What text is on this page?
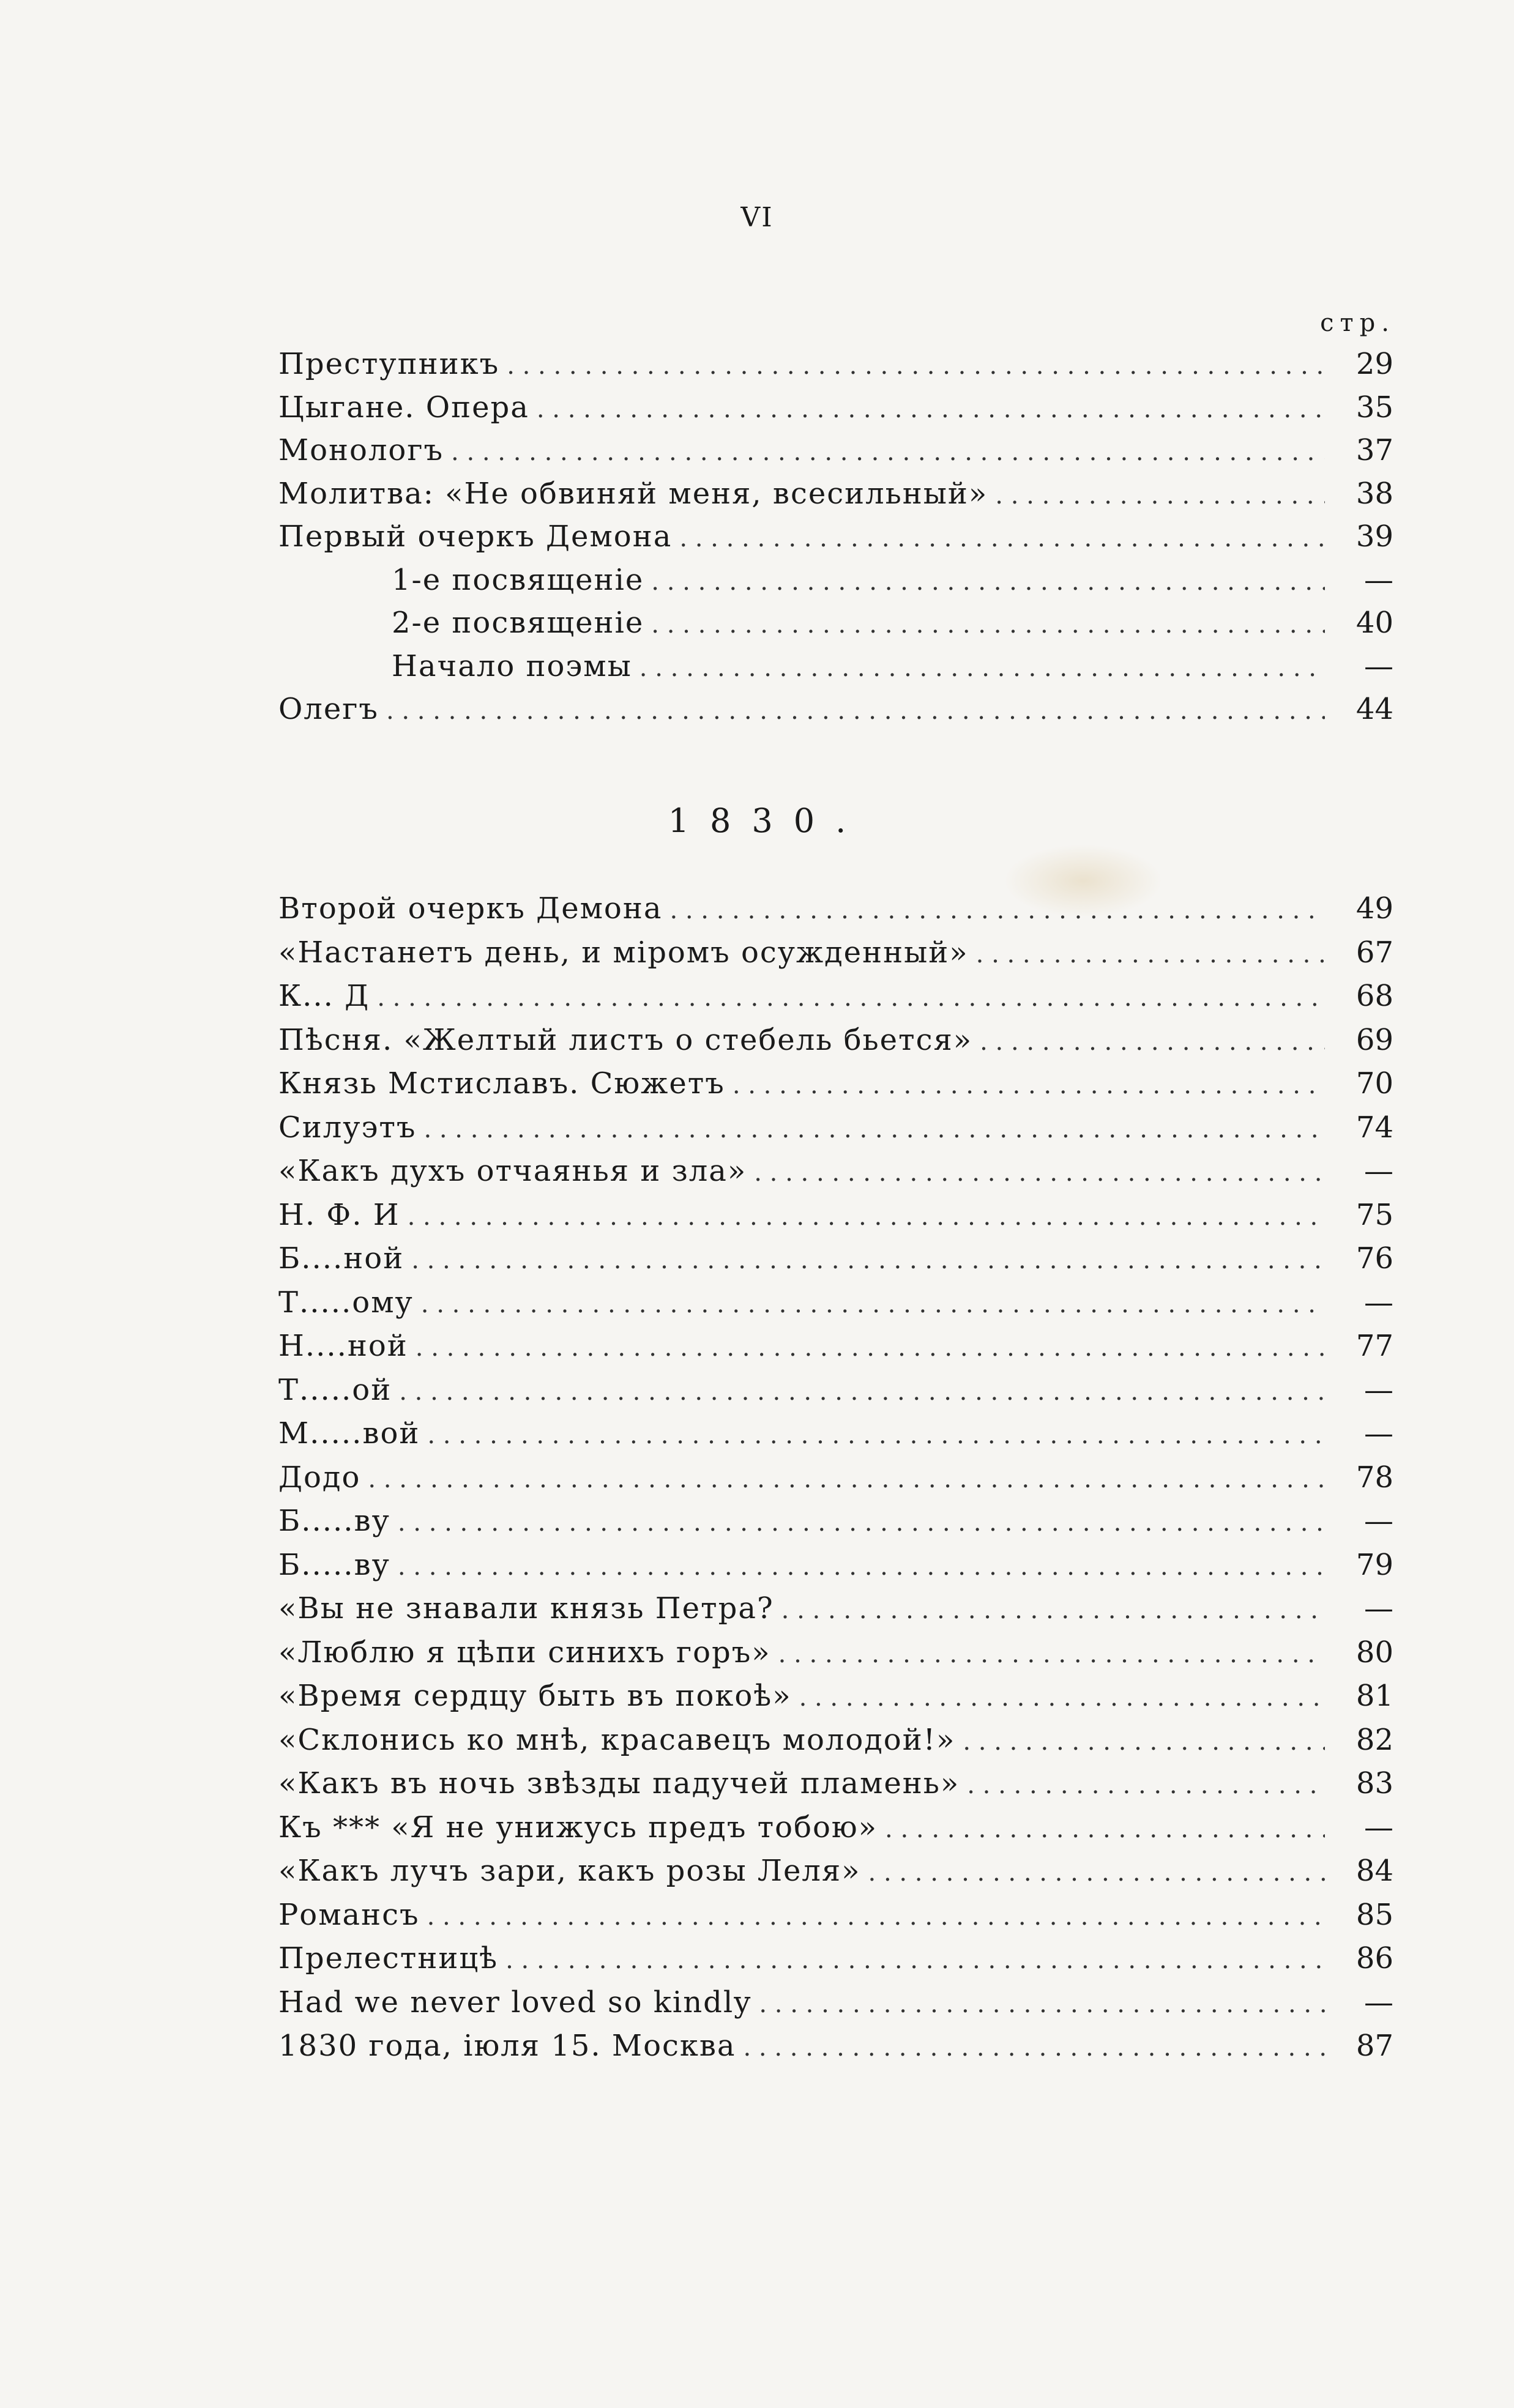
VI
стр.
Преступникъ . . .	29
Цыгане. Опера . . .	35
Монологъ . . .	37
Молитва: «Не обвиняй меня, всесильный» . . .	38
Первый очеркъ Демона . . .	39
1-е посвященіе . . .	—
2-е посвященіе . . .	40
Начало поэмы . . .	—
Олегъ . . .	44
1830.
Второй очеркъ Демона . . .	49
«Настанетъ день, и міромъ осужденный» . . .	67
К... Д . . .	68
Пѣсня. «Желтый листъ о стебель бьется» . . .	69
Князь Мстиславъ. Сюжетъ . . .	70
Силуэтъ . . .	74
«Какъ духъ отчаянья и зла» . . .	—
Н. Ф. И . . .	75
Б....ной . . .	76
Т.....ому . . .	—
Н....ной . . .	77
Т.....ой . . .	—
М.....вой . . .	—
Додо . . .	78
Б.....ву . . .	—
Б.....ву . . .	79
«Вы не знавали князь Петра? . . .	—
«Люблю я цѣпи синихъ горъ» . . .	80
«Время сердцу быть въ покоѣ» . . .	81
«Склонись ко мнѣ, красавецъ молодой!» . . .	82
«Какъ въ ночь звѣзды падучей пламень» . . .	83
Къ *** «Я не унижусь предъ тобою» . . .	—
«Какъ лучъ зари, какъ розы Леля» . . .	84
Романсъ . . .	85
Прелестницѣ . . .	86
Had we never loved so kindly . . .	—
1830 года, іюля 15. Москва . . .	87
